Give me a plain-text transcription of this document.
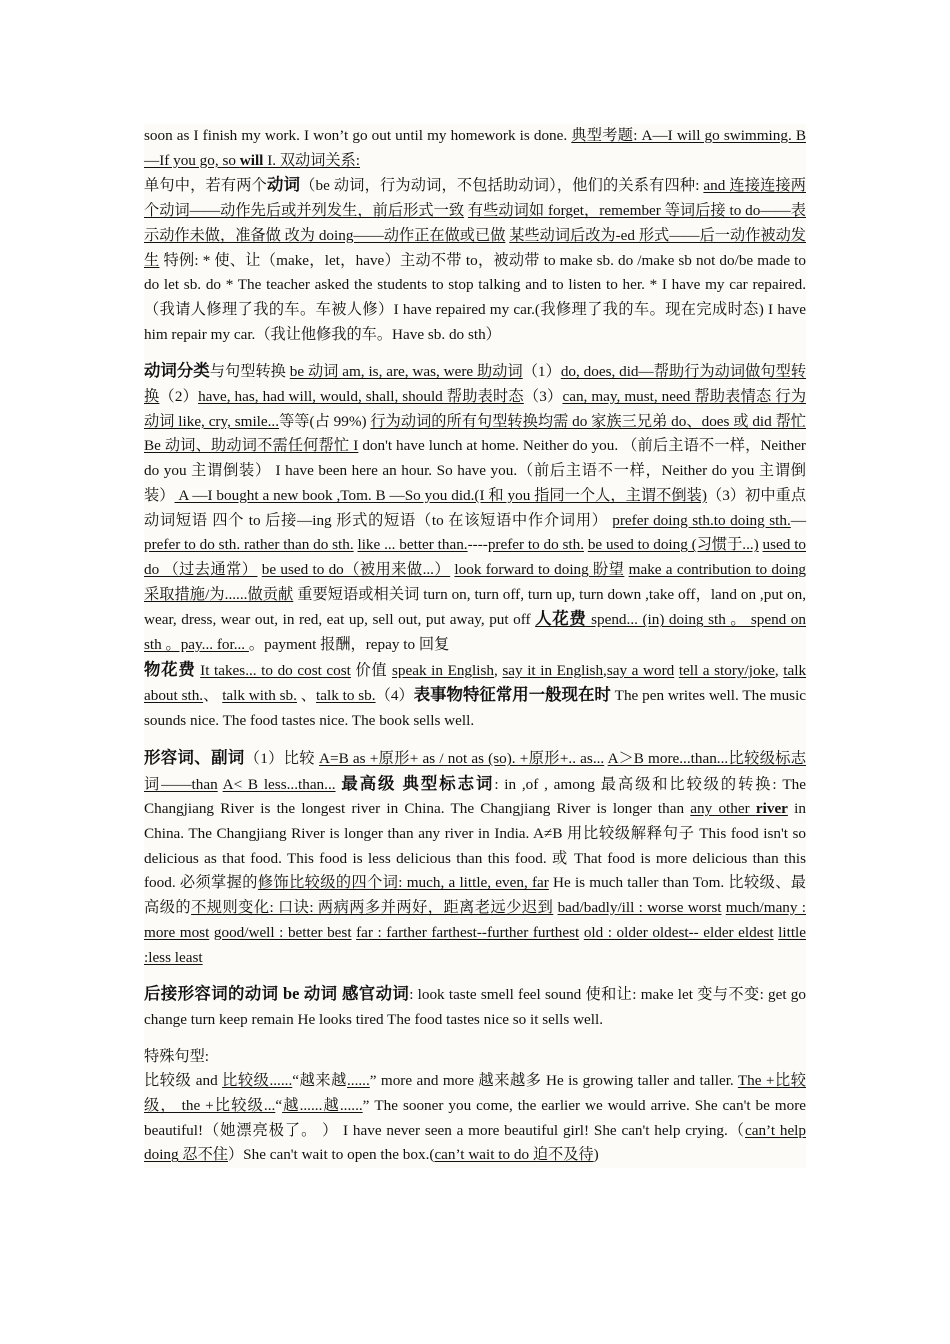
soon as I finish my work. I won’t go out until my homework is done. 典型考题: A—I will go swimming. B—If you go, so will I. 双动词关系:

单句中，若有两个动词（be 动词，行为动词，不包括助动词），他们的关系有四种: and 连接连接两个动词——动作先后或并列发生，前后形式一致 有些动词如 forget，remember 等词后接 to do——表示动作未做，准备做 改为 doing——动作正在做或已做 某些动词后改为-ed 形式——后一动作被动发生 特例: * 使、让（make，let，have）主动不带 to，被动带 to make sb. do /make sb not do/be made to do let sb. do * The teacher asked the students to stop talking and to listen to her. * I have my car repaired.（我请人修理了我的车。车被人修）I have repaired my car.(我修理了我的车。现在完成时态) I have him repair my car.（我让他修我的车。Have sb. do sth）

动词分类与句型转换 be 动词 am, is, are, was, were 助动词（1）do, does, did—帮助行为动词做句型转换（2）have, has, had will, would, shall, should 帮助表时态（3）can, may, must, need 帮助表情态 行为动词 like, cry, smile...等等(占 99%) 行为动词的所有句型转换均需 do 家族三兄弟 do、does 或 did 帮忙 Be 动词、助动词不需任何帮忙 I don't have lunch at home. Neither do you. （前后主语不一样，Neither do you 主谓倒装） I have been here an hour. So have you.（前后主语不一样，Neither do you 主谓倒装） A —I bought a new book ,Tom. B —So you did.(I 和 you 指同一个人，主谓不倒装)（3）初中重点动词短语 四个 to 后接—ing 形式的短语（to 在该短语中作介词用） prefer doing sth.to doing sth.—prefer to do sth. rather than do sth. like ... better than.----prefer to do sth. be used to doing (习惯于...) used to do （过去通常） be used to do（被用来做...） look forward to doing 盼望 make a contribution to doing 采取措施/为......做贡献 重要短语或相关词 turn on, turn off, turn up, turn down ,take off，land on ,put on, wear, dress, wear out, in red, eat up, sell out, put away, put off 人花费 spend... (in) doing sth 。 spend on sth 。pay... for... 。payment 报酬，repay to 回复

物花费 It takes... to do cost cost 价值 speak in English, say it in English,say a word tell a story/joke, talk about sth.、 talk with sb. 、talk to sb.（4）表事物特征常用一般现在时 The pen writes well. The music sounds nice. The food tastes nice. The book sells well.

形容词、副词（1）比较 A=B as +原形+ as / not as (so). +原形+.. as... A＞B more...than...比较级标志词——than A< B less...than... 最高级 典型标志词: in ,of , among 最高级和比较级的转换: The Changjiang River is the longest river in China. The Changjiang River is longer than any other river in China. The Changjiang River is longer than any river in India. A≠B 用比较级解释句子 This food isn't so delicious as that food. This food is less delicious than this food. 或 That food is more delicious than this food. 必须掌握的修饰比较级的四个词: much, a little, even, far He is much taller than Tom. 比较级、最高级的不规则变化: 口诀: 两病两多并两好，距离老远少迟到 bad/badly/ill : worse worst much/many : more most good/well : better best far : farther farthest--further furthest old : older oldest-- elder eldest little :less least

后接形容词的动词 be 动词 感官动词: look taste smell feel sound 使和让: make let 变与不变: get go change turn keep remain He looks tired The food tastes nice so it sells well.

特殊句型:

比较级 and 比较级......“越来越......” more and more 越来越多 He is growing taller and taller. The +比较级， the +比较级...“越......越......” The sooner you come, the earlier we would arrive. She can't be more beautiful!（她漂亮极了。 ） I have never seen a more beautiful girl! She can't help crying.（can’t help doing 忍不住）She can't wait to open the box.(can’t wait to do 迫不及待)
